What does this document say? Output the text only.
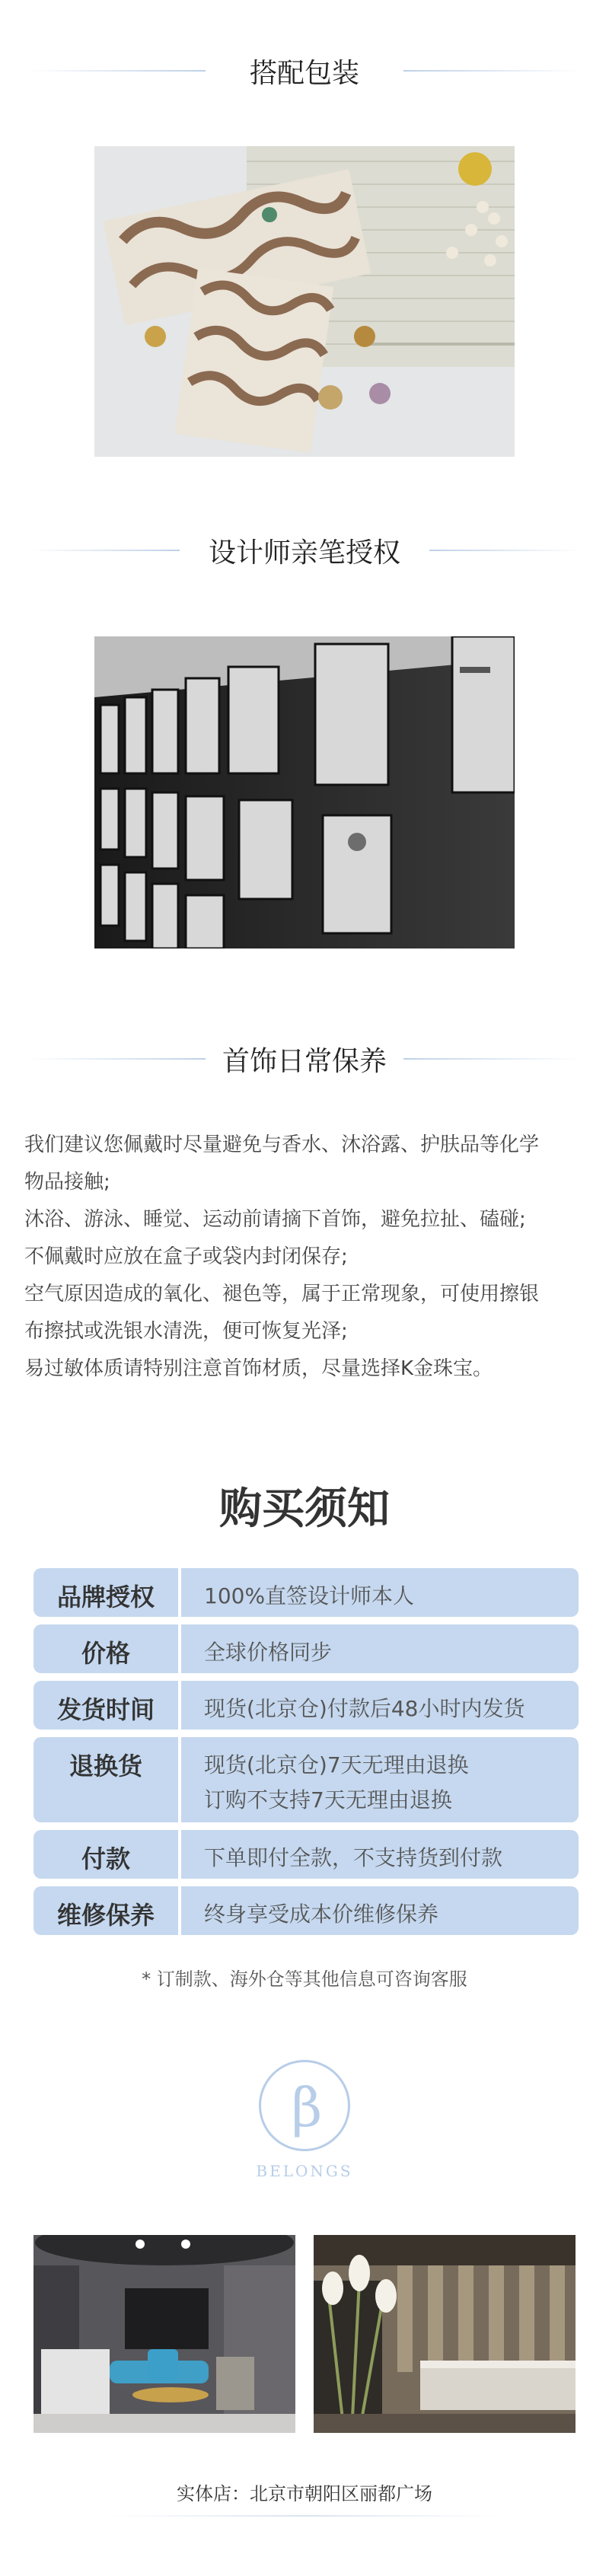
搭配包装
设计师亲笔授权
首饰日常保养
我们建议您佩戴时尽量避免与香水、沐浴露、护肤品等化学
物品接触;
沐浴、游泳、睡觉、运动前请摘下首饰，避免拉扯、磕碰;
不佩戴时应放在盒子或袋内封闭保存;
空气原因造成的氧化、褪色等，属于正常现象，可使用擦银
布擦拭或洗银水清洗，便可恢复光泽;
易过敏体质请特别注意首饰材质，尽量选择K金珠宝。
购买须知
品牌授权	100%直签设计师本人
价格	全球价格同步
发货时间	现货(北京仓)付款后48小时内发货
退换货	现货(北京仓)7天无理由退换
订购不支持7天无理由退换
付款	下单即付全款，不支持货到付款
维修保养	终身享受成本价维修保养
* 订制款、海外仓等其他信息可咨询客服
β
BELONGS
实体店：北京市朝阳区丽都广场
